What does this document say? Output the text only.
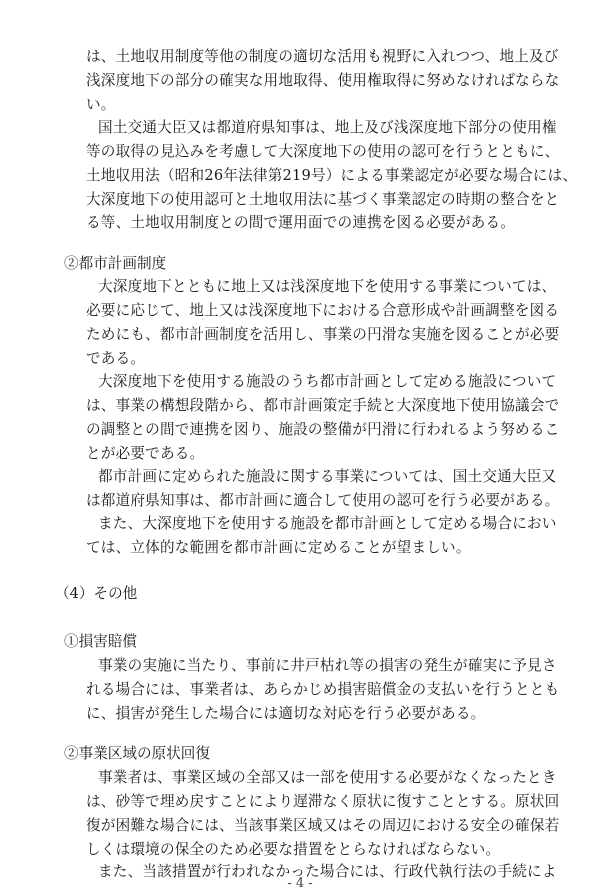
は、土地収用制度等他の制度の適切な活用も視野に入れつつ、地上及び
浅深度地下の部分の確実な用地取得、使用権取得に努めなければならな
い。
国土交通大臣又は都道府県知事は、地上及び浅深度地下部分の使用権
等の取得の見込みを考慮して大深度地下の使用の認可を行うとともに、
土地収用法（昭和26年法律第219号）による事業認定が必要な場合には、
大深度地下の使用認可と土地収用法に基づく事業認定の時期の整合をと
る等、土地収用制度との間で運用面での連携を図る必要がある。
②都市計画制度
大深度地下とともに地上又は浅深度地下を使用する事業については、
必要に応じて、地上又は浅深度地下における合意形成や計画調整を図る
ためにも、都市計画制度を活用し、事業の円滑な実施を図ることが必要
である。
大深度地下を使用する施設のうち都市計画として定める施設について
は、事業の構想段階から、都市計画策定手続と大深度地下使用協議会で
の調整との間で連携を図り、施設の整備が円滑に行われるよう努めるこ
とが必要である。
都市計画に定められた施設に関する事業については、国土交通大臣又
は都道府県知事は、都市計画に適合して使用の認可を行う必要がある。
また、大深度地下を使用する施設を都市計画として定める場合におい
ては、立体的な範囲を都市計画に定めることが望ましい。
（4）その他
①損害賠償
事業の実施に当たり、事前に井戸枯れ等の損害の発生が確実に予見さ
れる場合には、事業者は、あらかじめ損害賠償金の支払いを行うととも
に、損害が発生した場合には適切な対応を行う必要がある。
②事業区域の原状回復
事業者は、事業区域の全部又は一部を使用する必要がなくなったとき
は、砂等で埋め戻すことにより遅滞なく原状に復すこととする。原状回
復が困難な場合には、当該事業区域又はその周辺における安全の確保若
しくは環境の保全のため必要な措置をとらなければならない。
また、当該措置が行われなかった場合には、行政代執行法の手続によ
- 4 -
